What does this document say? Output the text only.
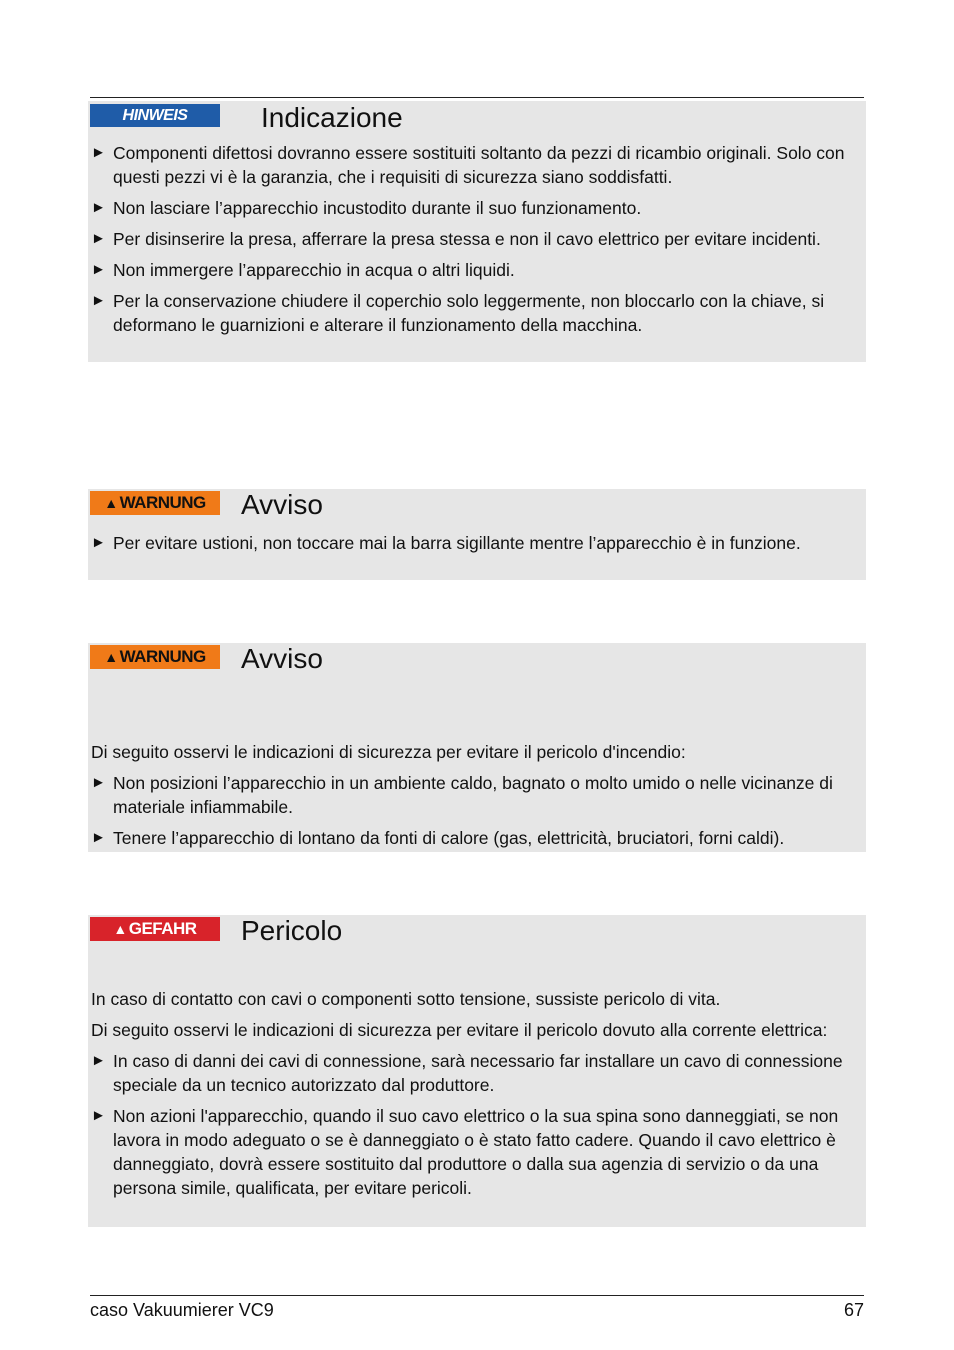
HINWEIS	Indicazione
► Componenti difettosi dovranno essere sostituiti soltanto da pezzi di ricambio originali. Solo con questi pezzi vi è la garanzia, che i requisiti di sicurezza siano soddisfatti.
► Non lasciare l’apparecchio incustodito durante il suo funzionamento.
► Per disinserire la presa, afferrare la presa stessa e non il cavo elettrico per evitare incidenti.
► Non immergere l’apparecchio in acqua o altri liquidi.
► Per la conservazione chiudere il coperchio solo leggermente, non bloccarlo con la chiave, si deformano le guarnizioni e alterare il funzionamento della macchina.
▲ WARNUNG Avviso
► Per evitare ustioni, non toccare mai la barra sigillante mentre l’apparecchio è in funzione.
▲ WARNUNG Avviso
Di seguito osservi le indicazioni di sicurezza per evitare il pericolo d'incendio:
► Non posizioni l’apparecchio in un ambiente caldo, bagnato o molto umido o nelle vicinanze di materiale infiammabile.
► Tenere l’apparecchio di lontano da fonti di calore (gas, elettricità, bruciatori, forni caldi).
▲ GEFAHR Pericolo
In caso di contatto con cavi o componenti sotto tensione, sussiste pericolo di vita.
Di seguito osservi le indicazioni di sicurezza per evitare il pericolo dovuto alla corrente elettrica:
► In caso di danni dei cavi di connessione, sarà necessario far installare un cavo di connessione speciale da un tecnico autorizzato dal produttore.
► Non azioni l'apparecchio, quando il suo cavo elettrico o la sua spina sono danneggiati, se non lavora in modo adeguato o se è danneggiato o è stato fatto cadere. Quando il cavo elettrico è danneggiato, dovrà essere sostituito dal produttore o dalla sua agenzia di servizio o da una persona simile, qualificata, per evitare pericoli.
caso Vakuumierer VC9	67
